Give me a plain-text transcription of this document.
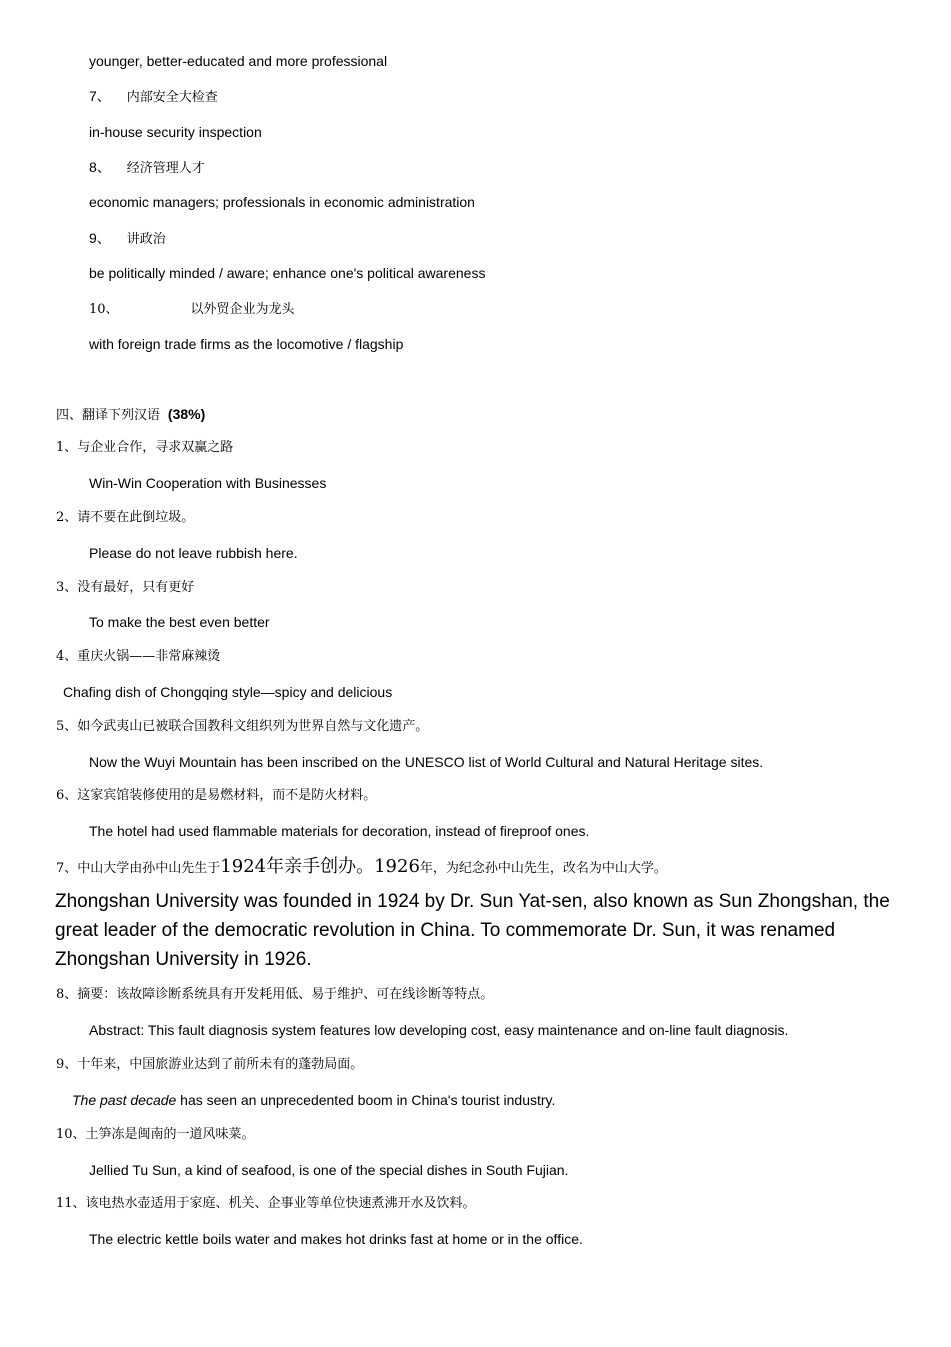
younger, better-educated and more professional
7、 内部安全大检查
in-house security inspection
8、 经济管理人才
economic managers; professionals in economic administration
9、 讲政治
be politically minded / aware; enhance one's political awareness
10、	以外贸企业为龙头
with foreign trade firms as the locomotive / flagship
四、翻译下列汉语 (38%)
1、与企业合作，寻求双赢之路
Win-Win Cooperation with Businesses
2、请不要在此倒垃圾。
Please do not leave rubbish here.
3、没有最好，只有更好
To make the best even better
4、重庆火锅——非常麻辣烫
Chafing dish of Chongqing style—spicy and delicious
5、如今武夷山已被联合国教科文组织列为世界自然与文化遗产。
Now the Wuyi Mountain has been inscribed on the UNESCO list of World Cultural and Natural Heritage sites.
6、这家宾馆装修使用的是易燃材料，而不是防火材料。
The hotel had used flammable materials for decoration, instead of fireproof ones.
7、中山大学由孙中山先生于1924年亲手创办。1926年，为纪念孙中山先生，改名为中山大学。
Zhongshan University was founded in 1924 by Dr. Sun Yat-sen, also known as Sun Zhongshan, the great leader of the democratic revolution in China. To commemorate Dr. Sun, it was renamed Zhongshan University in 1926.
8、摘要：该故障诊断系统具有开发耗用低、易于维护、可在线诊断等特点。
Abstract: This fault diagnosis system features low developing cost, easy maintenance and on-line fault diagnosis.
9、十年来，中国旅游业达到了前所未有的蓬勃局面。
The past decade has seen an unprecedented boom in China's tourist industry.
10、土笋冻是闽南的一道风味菜。
Jellied Tu Sun, a kind of seafood, is one of the special dishes in South Fujian.
11、该电热水壶适用于家庭、机关、企事业等单位快速煮沸开水及饮料。
The electric kettle boils water and makes hot drinks fast at home or in the office.
